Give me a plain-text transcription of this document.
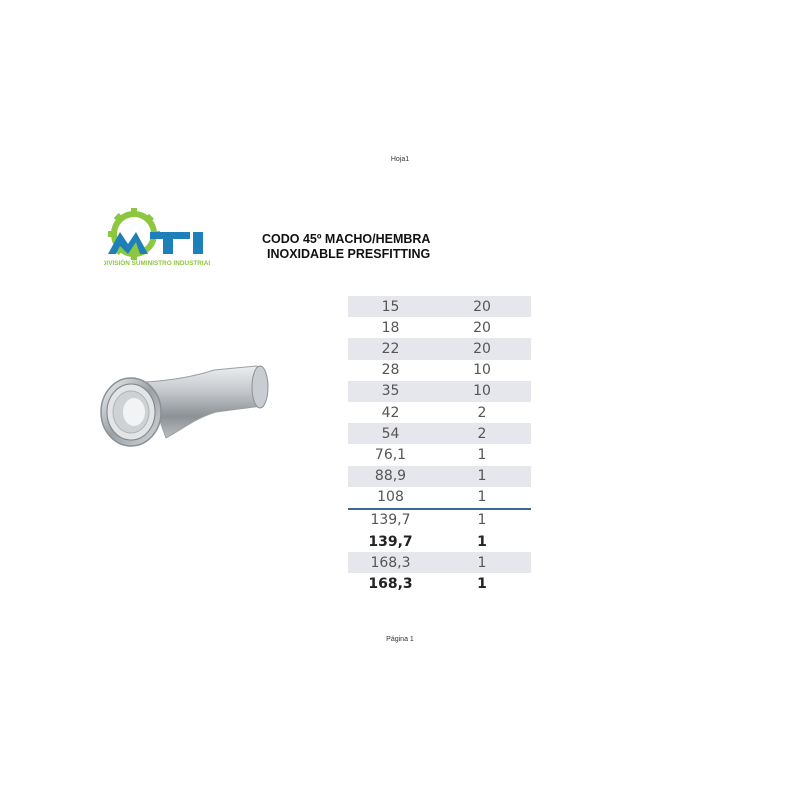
Hoja1
DIVISIÓN SUMINISTRO INDUSTRIAL
CODO 45º MACHO/HEMBRA
INOXIDABLE PRESFITTING
15	20
18	20
22	20
28	10
35	10
42	2
54	2
76,1	1
88,9	1
108	1
139,7	1
139,7	1
168,3	1
168,3	1
Página 1
